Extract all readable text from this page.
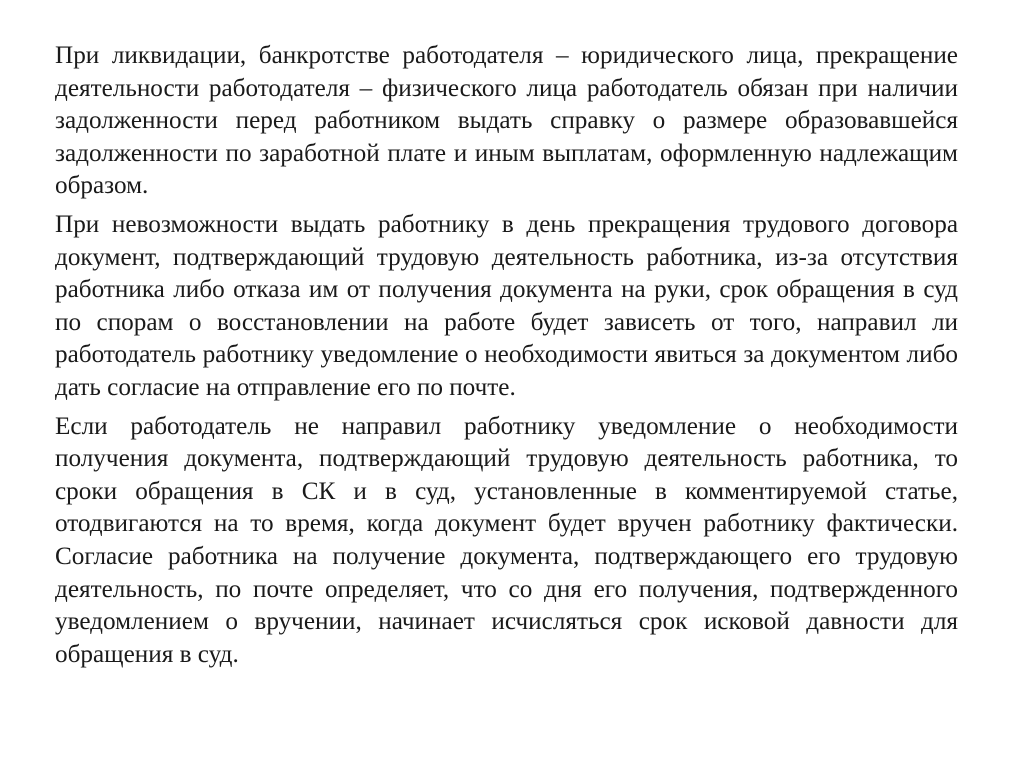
При ликвидации, банкротстве работодателя – юридического лица, прекращение деятельности работодателя – физического лица работодатель обязан при наличии задолженности перед работником выдать справку о размере образовавшейся задолженности по заработной плате и иным выплатам, оформленную надлежащим образом.

При невозможности выдать работнику в день прекращения трудового договора документ, подтверждающий трудовую деятельность работника, из-за отсутствия работника либо отказа им от получения документа на руки, срок обращения в суд по спорам о восстановлении на работе будет зависеть от того, направил ли работодатель работнику уведомление о необходимости явиться за документом либо дать согласие на отправление его по почте.

Если работодатель не направил работнику уведомление о необходимости получения документа, подтверждающий трудовую деятельность работника, то сроки обращения в СК и в суд, установленные в комментируемой статье, отодвигаются на то время, когда документ будет вручен работнику фактически. Согласие работника на получение документа, подтверждающего его трудовую деятельность, по почте определяет, что со дня его получения, подтвержденного уведомлением о вручении, начинает исчисляться срок исковой давности для обращения в суд.
